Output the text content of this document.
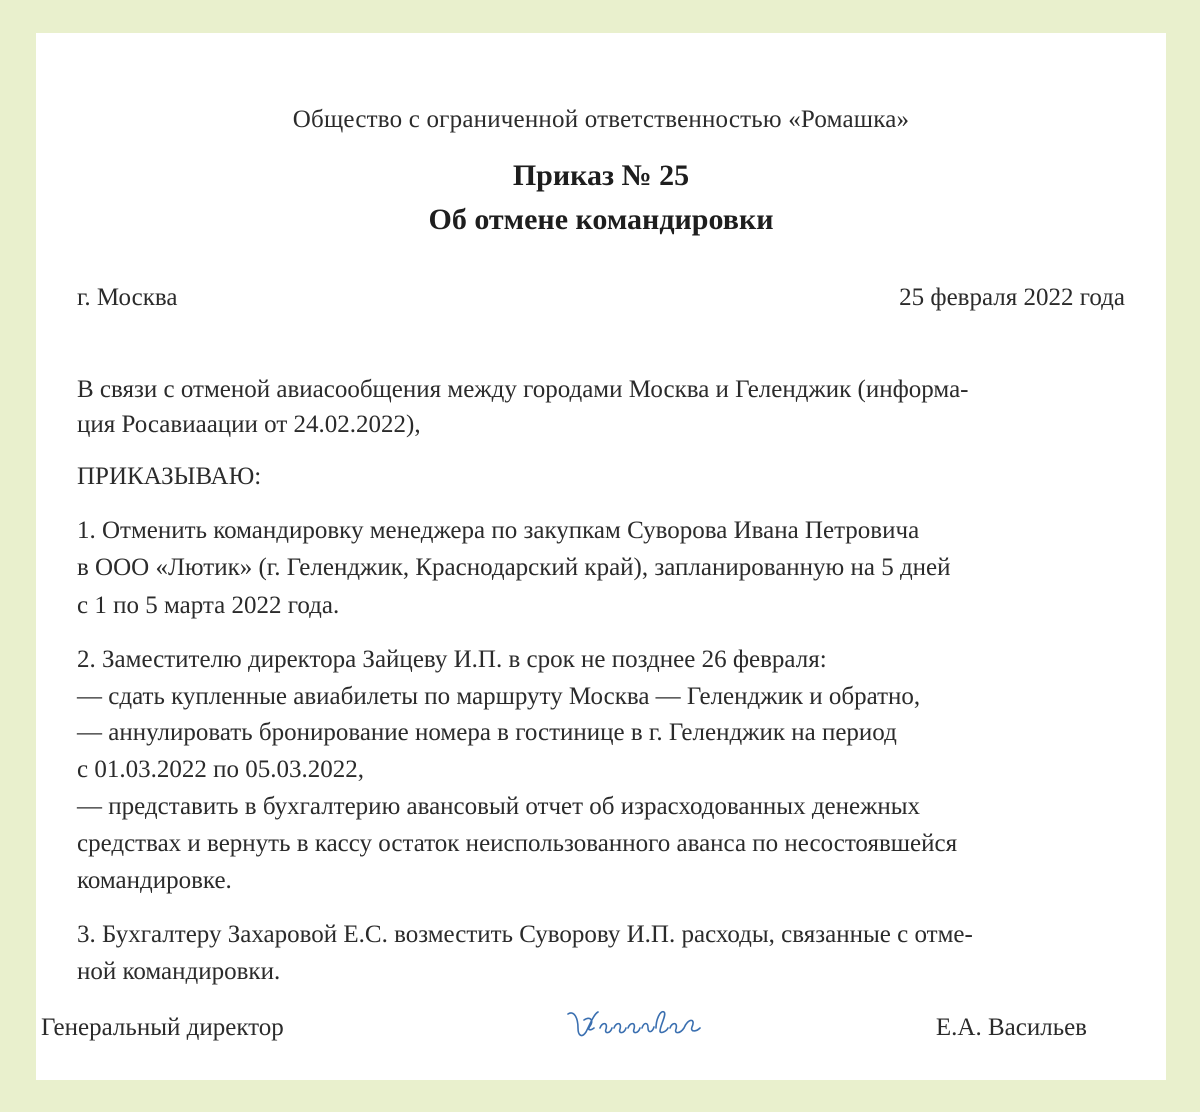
Общество с ограниченной ответственностью «Ромашка»
Приказ № 25
Об отмене командировки
г. Москва	25 февраля 2022 года
В связи с отменой авиасообщения между городами Москва и Геленджик (информа-
ция Росавиаации от 24.02.2022),
ПРИКАЗЫВАЮ:
1. Отменить командировку менеджера по закупкам Суворова Ивана Петровича
в ООО «Лютик» (г. Геленджик, Краснодарский край), запланированную на 5 дней
с 1 по 5 марта 2022 года.
2. Заместителю директора Зайцеву И.П. в срок не позднее 26 февраля:
— сдать купленные авиабилеты по маршруту Москва — Геленджик и обратно,
— аннулировать бронирование номера в гостинице в г. Геленджик на период
с 01.03.2022 по 05.03.2022,
— представить в бухгалтерию авансовый отчет об израсходованных денежных
средствах и вернуть в кассу остаток неиспользованного аванса по несостоявшейся
командировке.
3. Бухгалтеру Захаровой Е.С. возместить Суворову И.П. расходы, связанные с отме-
ной командировки.
Генеральный директор	Е.А. Васильев
